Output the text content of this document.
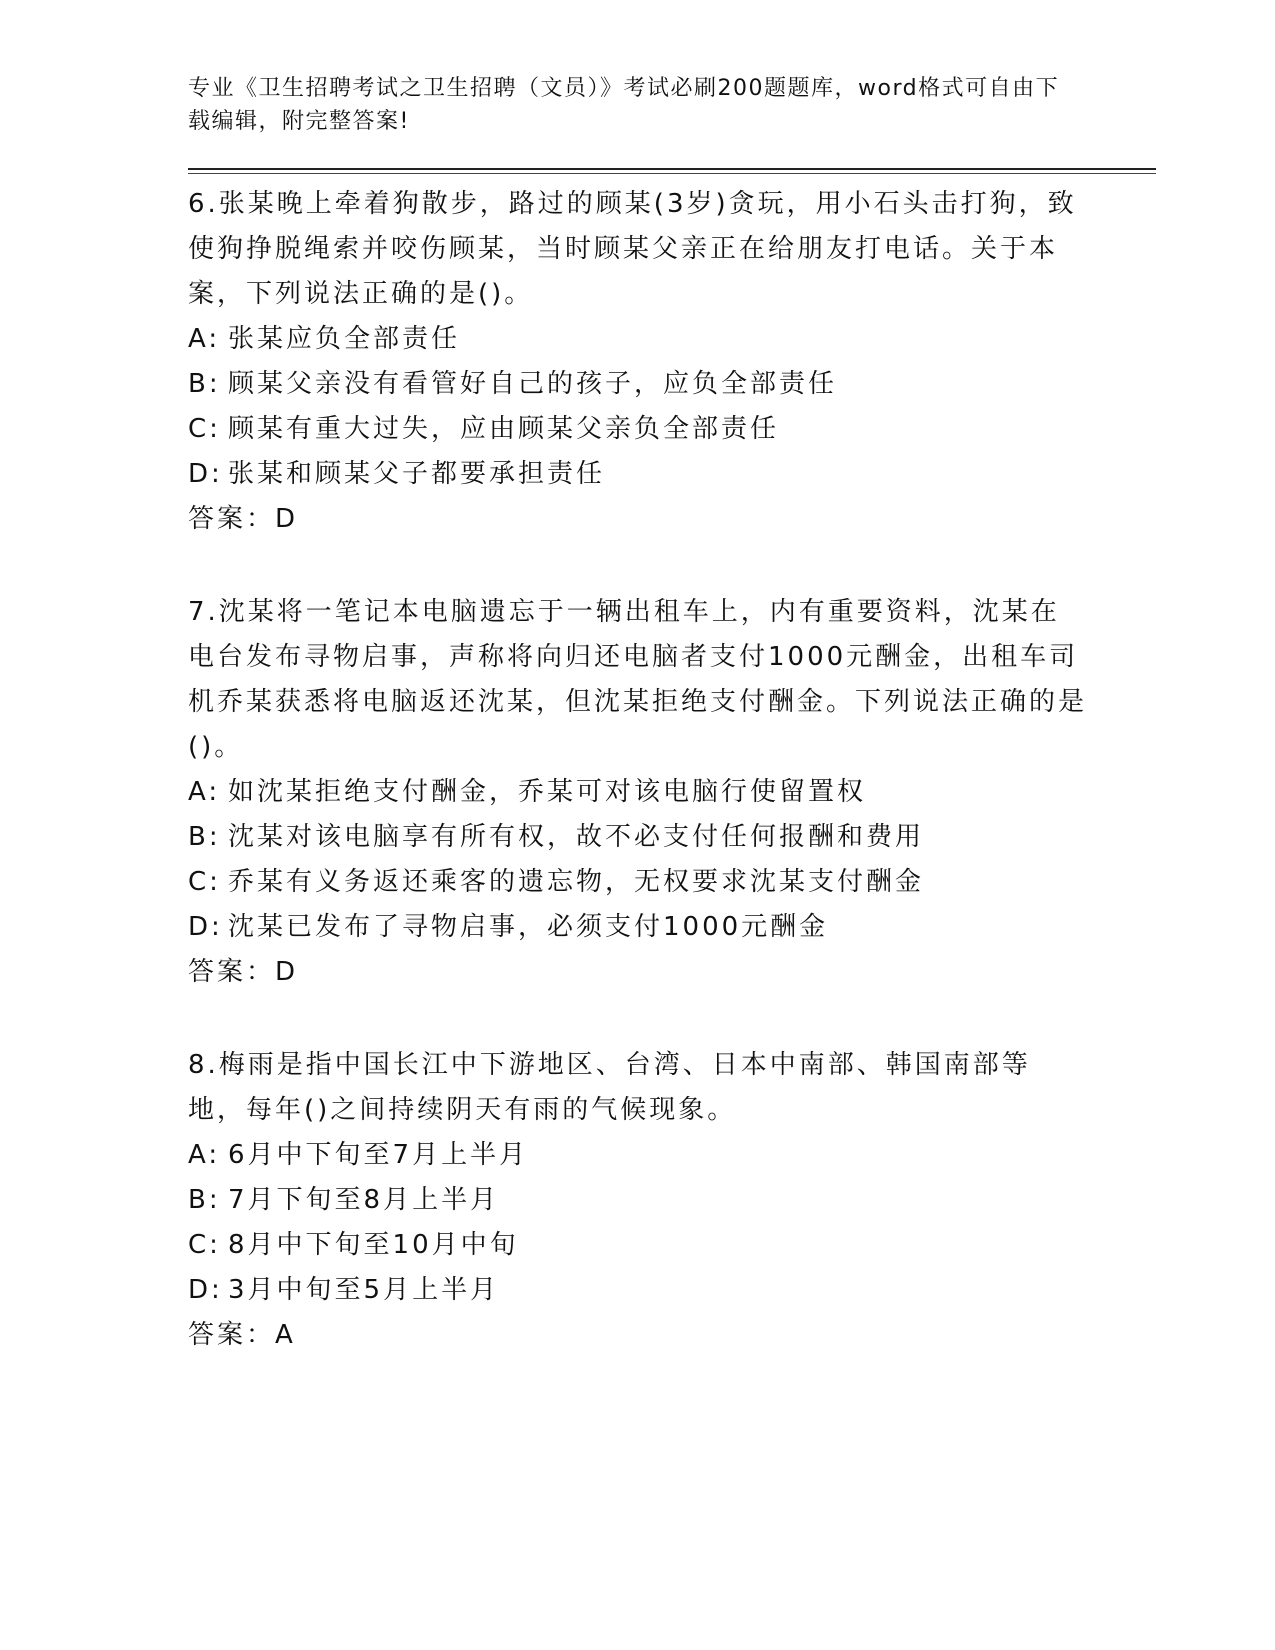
专业《卫生招聘考试之卫生招聘（文员）》考试必刷200题题库，word格式可自由下载编辑，附完整答案!

6.张某晚上牵着狗散步，路过的顾某(3岁)贪玩，用小石头击打狗，致使狗挣脱绳索并咬伤顾某，当时顾某父亲正在给朋友打电话。关于本案，下列说法正确的是()。

A: 张某应负全部责任

B: 顾某父亲没有看管好自己的孩子，应负全部责任

C: 顾某有重大过失，应由顾某父亲负全部责任

D: 张某和顾某父子都要承担责任

答案：D

7.沈某将一笔记本电脑遗忘于一辆出租车上，内有重要资料，沈某在电台发布寻物启事，声称将向归还电脑者支付1000元酬金，出租车司机乔某获悉将电脑返还沈某，但沈某拒绝支付酬金。下列说法正确的是()。

A: 如沈某拒绝支付酬金，乔某可对该电脑行使留置权

B: 沈某对该电脑享有所有权，故不必支付任何报酬和费用

C: 乔某有义务返还乘客的遗忘物，无权要求沈某支付酬金

D: 沈某已发布了寻物启事，必须支付1000元酬金

答案：D

8.梅雨是指中国长江中下游地区、台湾、日本中南部、韩国南部等地，每年()之间持续阴天有雨的气候现象。

A: 6月中下旬至7月上半月

B: 7月下旬至8月上半月

C: 8月中下旬至10月中旬

D: 3月中旬至5月上半月

答案：A
